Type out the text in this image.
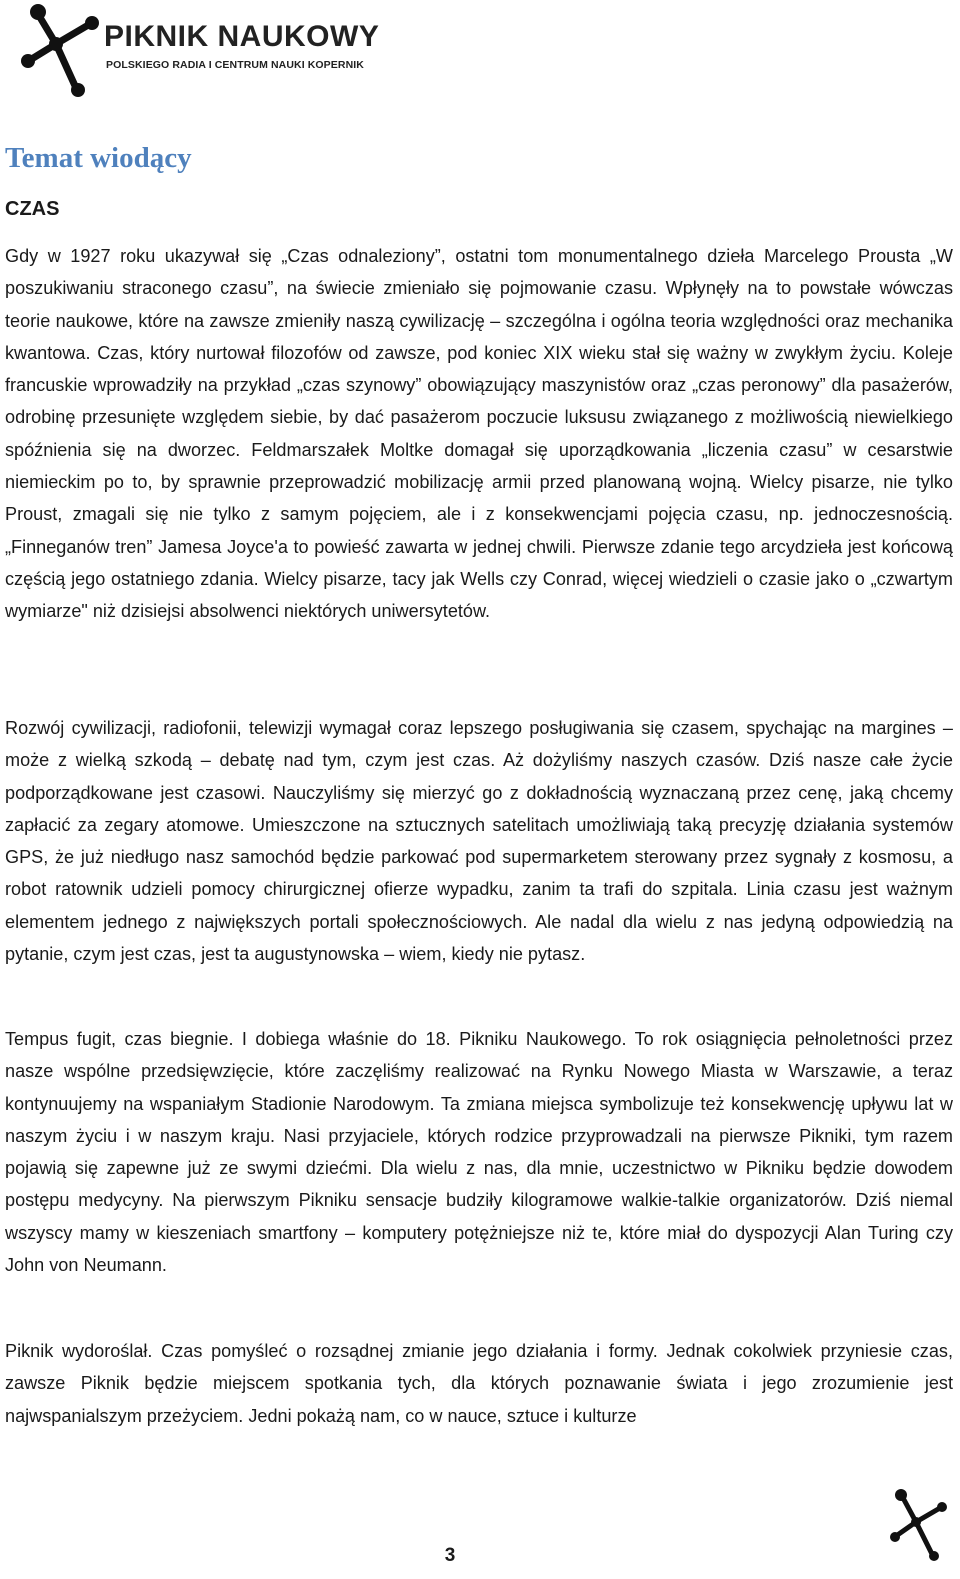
PIKNIK NAUKOWY
POLSKIEGO RADIA I CENTRUM NAUKI KOPERNIK
Temat wiodący
CZAS

Gdy w 1927 roku ukazywał się „Czas odnaleziony”, ostatni tom monumentalnego dzieła Marcelego Prousta „W poszukiwaniu straconego czasu”, na świecie zmieniało się pojmowanie czasu. Wpłynęły na to powstałe wówczas teorie naukowe, które na zawsze zmieniły naszą cywilizację – szczególna i ogólna teoria względności oraz mechanika kwantowa. Czas, który nurtował filozofów od zawsze, pod koniec XIX wieku stał się ważny w zwykłym życiu. Koleje francuskie wprowadziły na przykład „czas szynowy” obowiązujący maszynistów oraz „czas peronowy” dla pasażerów, odrobinę przesunięte względem siebie, by dać pasażerom poczucie luksusu związanego z możliwością niewielkiego spóźnienia się na dworzec. Feldmarszałek Moltke domagał się uporządkowania „liczenia czasu” w cesarstwie niemieckim po to, by sprawnie przeprowadzić mobilizację armii przed planowaną wojną. Wielcy pisarze, nie tylko Proust, zmagali się nie tylko z samym pojęciem, ale i z konsekwencjami pojęcia czasu, np. jednoczesnością. „Finneganów tren” Jamesa Joyce'a to powieść zawarta w jednej chwili. Pierwsze zdanie tego arcydzieła jest końcową częścią jego ostatniego zdania. Wielcy pisarze, tacy jak Wells czy Conrad, więcej wiedzieli o czasie jako o „czwartym wymiarze" niż dzisiejsi absolwenci niektórych uniwersytetów.

Rozwój cywilizacji, radiofonii, telewizji wymagał coraz lepszego posługiwania się czasem, spychając na margines – może z wielką szkodą – debatę nad tym, czym jest czas. Aż dożyliśmy naszych czasów. Dziś nasze całe życie podporządkowane jest czasowi. Nauczyliśmy się mierzyć go z dokładnością wyznaczaną przez cenę, jaką chcemy zapłacić za zegary atomowe. Umieszczone na sztucznych satelitach umożliwiają taką precyzję działania systemów GPS, że już niedługo nasz samochód będzie parkować pod supermarketem sterowany przez sygnały z kosmosu, a robot ratownik udzieli pomocy chirurgicznej ofierze wypadku, zanim ta trafi do szpitala. Linia czasu jest ważnym elementem jednego z największych portali społecznościowych. Ale nadal dla wielu z nas jedyną odpowiedzią na pytanie, czym jest czas, jest ta augustynowska – wiem, kiedy nie pytasz.

Tempus fugit, czas biegnie. I dobiega właśnie do 18. Pikniku Naukowego. To rok osiągnięcia pełnoletności przez nasze wspólne przedsięwzięcie, które zaczęliśmy realizować na Rynku Nowego Miasta w Warszawie, a teraz kontynuujemy na wspaniałym Stadionie Narodowym. Ta zmiana miejsca symbolizuje też konsekwencję upływu lat w naszym życiu i w naszym kraju. Nasi przyjaciele, których rodzice przyprowadzali na pierwsze Pikniki, tym razem pojawią się zapewne już ze swymi dziećmi. Dla wielu z nas, dla mnie, uczestnictwo w Pikniku będzie dowodem postępu medycyny. Na pierwszym Pikniku sensacje budziły kilogramowe walkie-talkie organizatorów. Dziś niemal wszyscy mamy w kieszeniach smartfony – komputery potężniejsze niż te, które miał do dyspozycji Alan Turing czy John von Neumann.

Piknik wydoroślał. Czas pomyśleć o rozsądnej zmianie jego działania i formy. Jednak cokolwiek przyniesie czas, zawsze Piknik będzie miejscem spotkania tych, dla których poznawanie świata i jego zrozumienie jest najwspanialszym przeżyciem. Jedni pokażą nam, co w nauce, sztuce i kulturze

3
